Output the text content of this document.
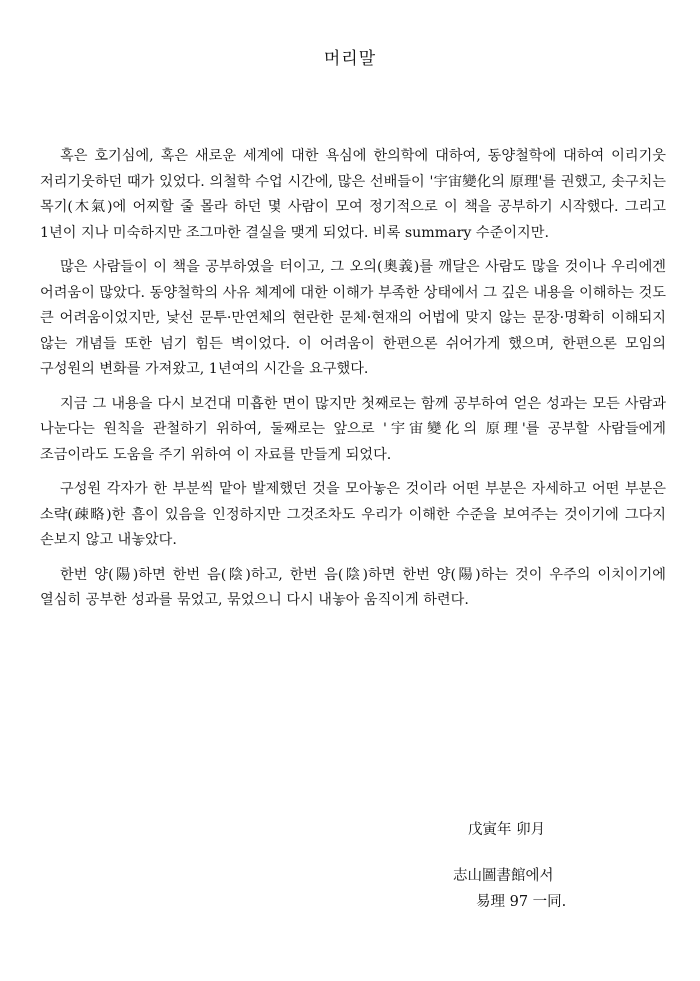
머리말

혹은 호기심에, 혹은 새로운 세계에 대한 욕심에 한의학에 대하여, 동양철학에 대하여 이리기웃 저리기웃하던 때가 있었다. 의철학 수업 시간에, 많은 선배들이 '宇宙變化의 原理'를 권했고, 솟구치는 목기(木氣)에 어찌할 줄 몰라 하던 몇 사람이 모여 정기적으로 이 책을 공부하기 시작했다. 그리고 1년이 지나 미숙하지만 조그마한 결실을 맺게 되었다. 비록 summary 수준이지만.

많은 사람들이 이 책을 공부하였을 터이고, 그 오의(奧義)를 깨달은 사람도 많을 것이나 우리에겐 어려움이 많았다. 동양철학의 사유 체계에 대한 이해가 부족한 상태에서 그 깊은 내용을 이해하는 것도 큰 어려움이었지만, 낯선 문투·만연체의 현란한 문체·현재의 어법에 맞지 않는 문장·명확히 이해되지 않는 개념들 또한 넘기 힘든 벽이었다. 이 어려움이 한편으론 쉬어가게 했으며, 한편으론 모임의 구성원의 변화를 가져왔고, 1년여의 시간을 요구했다.

지금 그 내용을 다시 보건대 미흡한 면이 많지만 첫째로는 함께 공부하여 얻은 성과는 모든 사람과 나눈다는 원칙을 관철하기 위하여, 둘째로는 앞으로 '宇宙變化의 原理'를 공부할 사람들에게 조금이라도 도움을 주기 위하여 이 자료를 만들게 되었다.

구성원 각자가 한 부분씩 맡아 발제했던 것을 모아놓은 것이라 어떤 부분은 자세하고 어떤 부분은 소략(疎略)한 흠이 있음을 인정하지만 그것조차도 우리가 이해한 수준을 보여주는 것이기에 그다지 손보지 않고 내놓았다.

한번 양(陽)하면 한번 음(陰)하고, 한번 음(陰)하면 한번 양(陽)하는 것이 우주의 이치이기에 열심히 공부한 성과를 묶었고, 묶었으니 다시 내놓아 움직이게 하련다.

戊寅年 卯月
志山圖書館에서
易理 97 一同.
